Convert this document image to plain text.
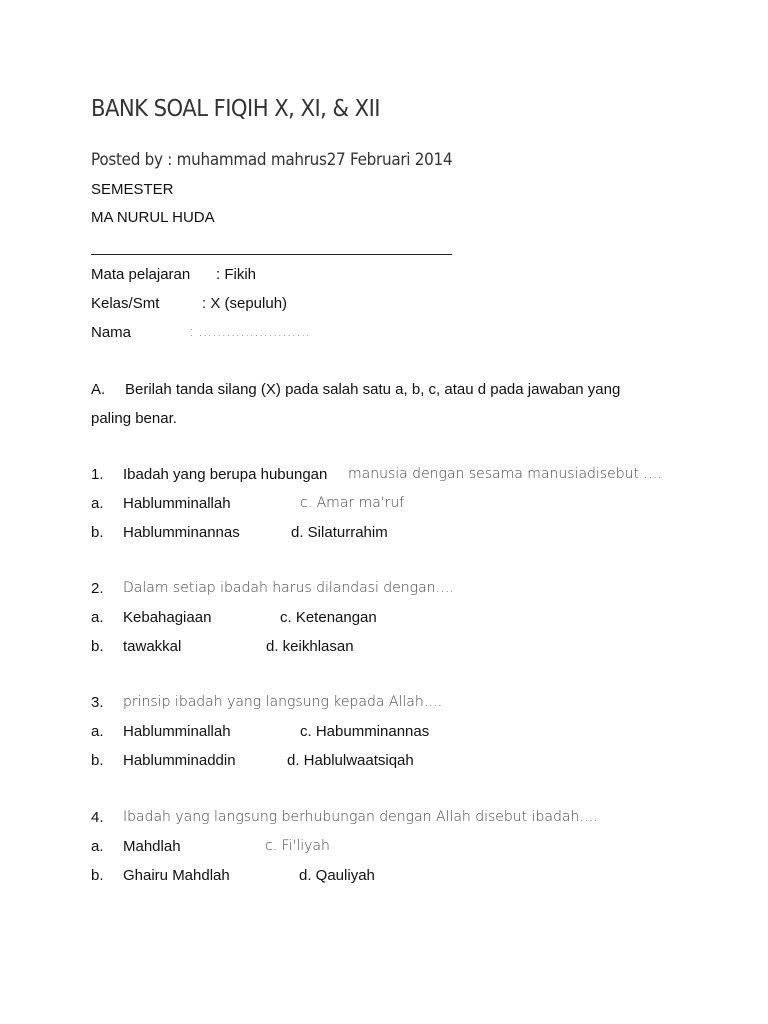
BANK SOAL FIQIH X, XI, & XII
Posted by : muhammad mahrus27 Februari 2014
SEMESTER
MA NURUL HUDA
Mata pelajaran : Fikih
Kelas/Smt	: X (sepuluh)
Nama	: ……………………
A. Berilah tanda silang (X) pada salah satu a, b, c, atau d pada jawaban yang
paling benar.
1. Ibadah yang berupa hubungan manusia dengan sesama manusiadisebut ….
a. Hablumminallah	c. Amar ma'ruf
b. Hablumminannas	d. Silaturrahim
2. Dalam setiap ibadah harus dilandasi dengan….
a. Kebahagiaan	c. Ketenangan
b. tawakkal	d. keikhlasan
3. prinsip ibadah yang langsung kepada Allah….
a. Hablumminallah	c. Habumminannas
b. Hablumminaddin	d. Hablulwaatsiqah
4. Ibadah yang langsung berhubungan dengan Allah disebut ibadah….
a. Mahdlah	c. Fi'liyah
b. Ghairu Mahdlah	d. Qauliyah
